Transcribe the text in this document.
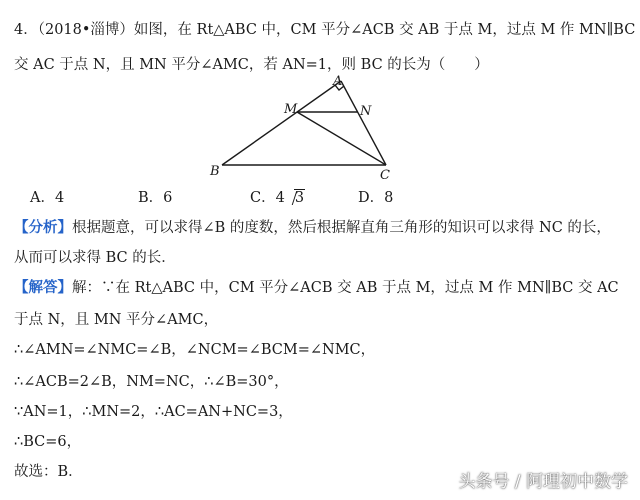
4．（2018•淄博）如图，在 Rt△ABC 中，CM 平分∠ACB 交 AB 于点 M，过点 M 作 MN∥BC
交 AC 于点 N，且 MN 平分∠AMC，若 AN=1，则 BC 的长为（　　）
A
M	N
B	C
A．4	B．6	C．4 3	D．8
【分析】根据题意，可以求得∠B 的度数，然后根据解直角三角形的知识可以求得 NC 的长，
从而可以求得 BC 的长．
【解答】解：∵在 Rt△ABC 中，CM 平分∠ACB 交 AB 于点 M，过点 M 作 MN∥BC 交 AC
于点 N，且 MN 平分∠AMC，
∴∠AMN=∠NMC=∠B，∠NCM=∠BCM=∠NMC，
∴∠ACB=2∠B，NM=NC，∴∠B=30°，
∵AN=1，∴MN=2，∴AC=AN+NC=3，
∴BC=6，
故选：B．	头条号 / 阿理初中数学
